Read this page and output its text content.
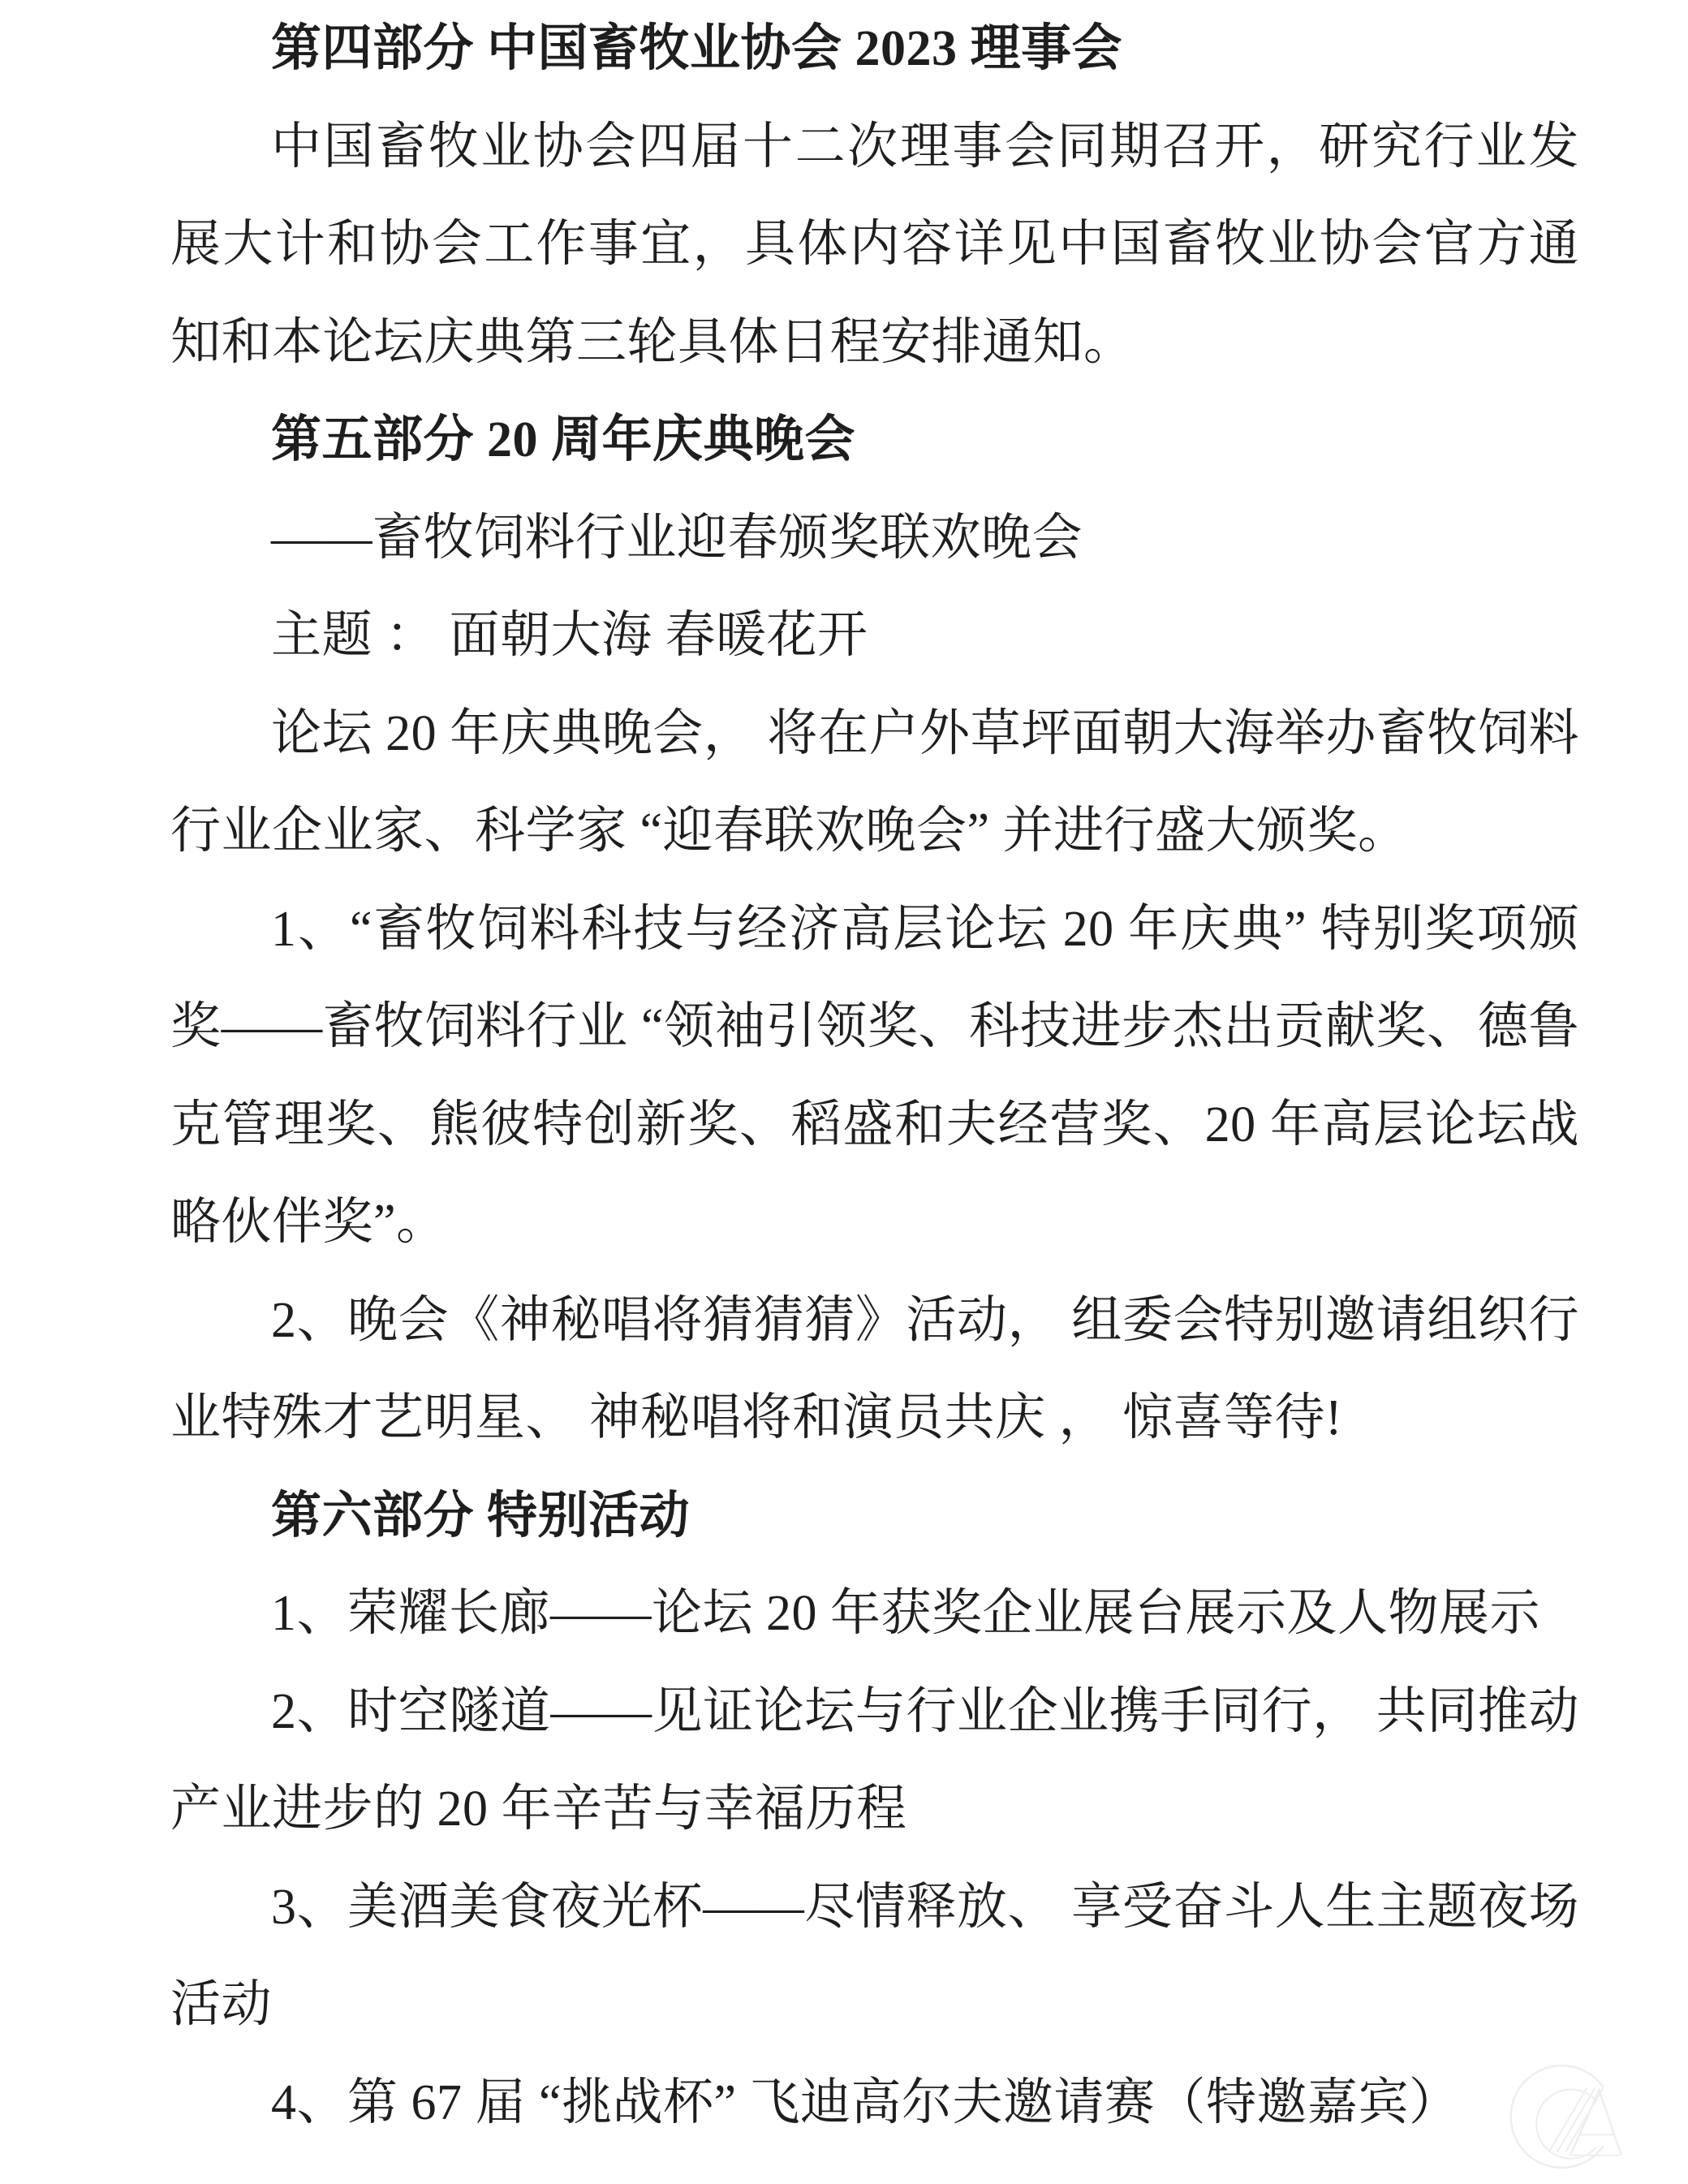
第四部分 中国畜牧业协会 2023 理事会

中国畜牧业协会四届十二次理事会同期召开，研究行业发展大计和协会工作事宜，具体内容详见中国畜牧业协会官方通知和本论坛庆典第三轮具体日程安排通知。

第五部分 20 周年庆典晚会

——畜牧饲料行业迎春颁奖联欢晚会

主题 ： 面朝大海 春暖花开

论坛 20 年庆典晚会， 将在户外草坪面朝大海举办畜牧饲料行业企业家、科学家 “迎春联欢晚会” 并进行盛大颁奖。

1、“畜牧饲料科技与经济高层论坛 20 年庆典” 特别奖项颁奖——畜牧饲料行业 “领袖引领奖、科技进步杰出贡献奖、德鲁克管理奖、熊彼特创新奖、稻盛和夫经营奖、20 年高层论坛战略伙伴奖”。

2、晚会《神秘唱将猜猜猜》活动， 组委会特别邀请组织行业特殊才艺明星、 神秘唱将和演员共庆 ， 惊喜等待!

第六部分 特别活动

1、荣耀长廊——论坛 20 年获奖企业展台展示及人物展示

2、时空隧道——见证论坛与行业企业携手同行， 共同推动产业进步的 20 年辛苦与幸福历程

3、美酒美食夜光杯——尽情释放、 享受奋斗人生主题夜场活动

4、第 67 届 “挑战杯” 飞迪高尔夫邀请赛（特邀嘉宾）
